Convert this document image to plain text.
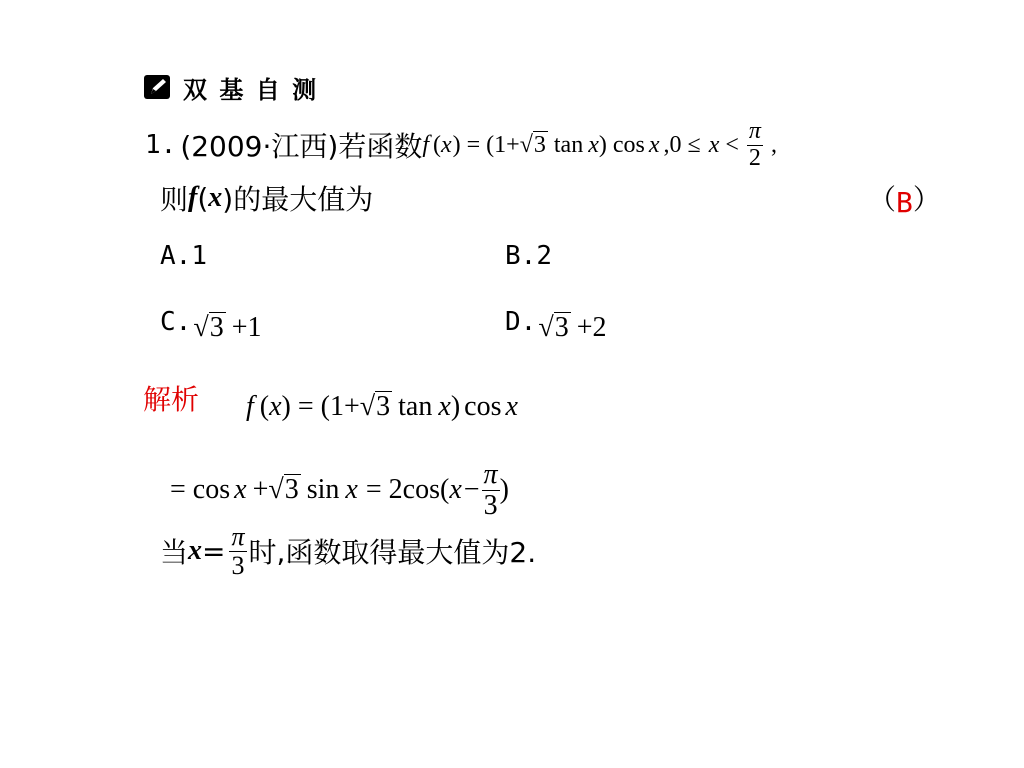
双 基 自 测
1. (2009·江西)若函数 f ( x ) = (1+ √ 3 tan x ) cos x $,0 \le x < \frac{\pi}{2}$ ,
则 f ( x )的最大值为	（ B ）
A. 1	B. 2
C. √ 3 +1	D. √ 3 +2
解析 f ( x ) = (1+ √ 3 tan x ) cos x
= cos x + √ 3 sin x = 2cos( $x - \frac{\pi}{3}$ )
当 $x = \frac{\pi}{3}$ 时,函数取得最大值为2.
